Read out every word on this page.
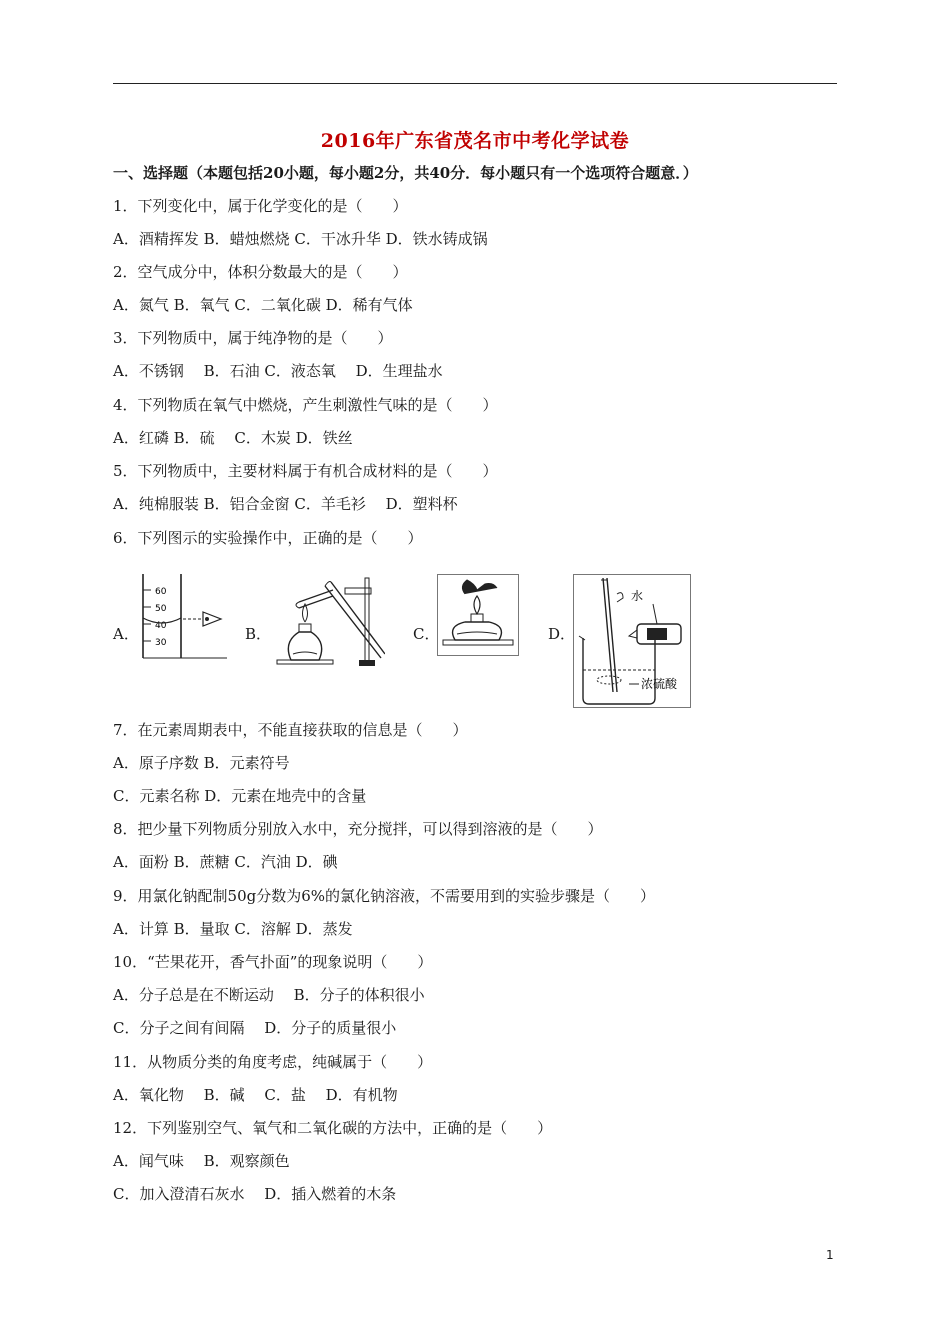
2016年广东省茂名市中考化学试卷
一、选择题（本题包括20小题，每小题2分，共40分．每小题只有一个选项符合题意．）
1．下列变化中，属于化学变化的是（　　）
A．酒精挥发 B．蜡烛燃烧 C．干冰升华 D．铁水铸成锅
2．空气成分中，体积分数最大的是（　　）
A．氮气 B．氧气 C．二氧化碳 D．稀有气体
3．下列物质中，属于纯净物的是（　　）
A．不锈钢　 B．石油 C．液态氧　 D．生理盐水
4．下列物质在氧气中燃烧，产生刺激性气味的是（　　）
A．红磷 B．硫　 C．木炭 D．铁丝
5．下列物质中，主要材料属于有机合成材料的是（　　）
A．纯棉服装 B．铝合金窗 C．羊毛衫　 D．塑料杯
6．下列图示的实验操作中，正确的是（　　）
A．
60
50
40
30	B．	C．	D．
浓硫酸
水
7．在元素周期表中，不能直接获取的信息是（　　）
A．原子序数 B．元素符号
C．元素名称 D．元素在地壳中的含量
8．把少量下列物质分别放入水中，充分搅拌，可以得到溶液的是（　　）
A．面粉 B．蔗糖 C．汽油 D．碘
9．用氯化钠配制50g分数为6%的氯化钠溶液，不需要用到的实验步骤是（　　）
A．计算 B．量取 C．溶解 D．蒸发
10．“芒果花开，香气扑面”的现象说明（　　）
A．分子总是在不断运动　 B．分子的体积很小
C．分子之间有间隔　 D．分子的质量很小
11．从物质分类的角度考虑，纯碱属于（　　）
A．氧化物　 B．碱　 C．盐　 D．有机物
12．下列鉴别空气、氧气和二氧化碳的方法中，正确的是（　　）
A．闻气味　 B．观察颜色
C．加入澄清石灰水　 D．插入燃着的木条
1
